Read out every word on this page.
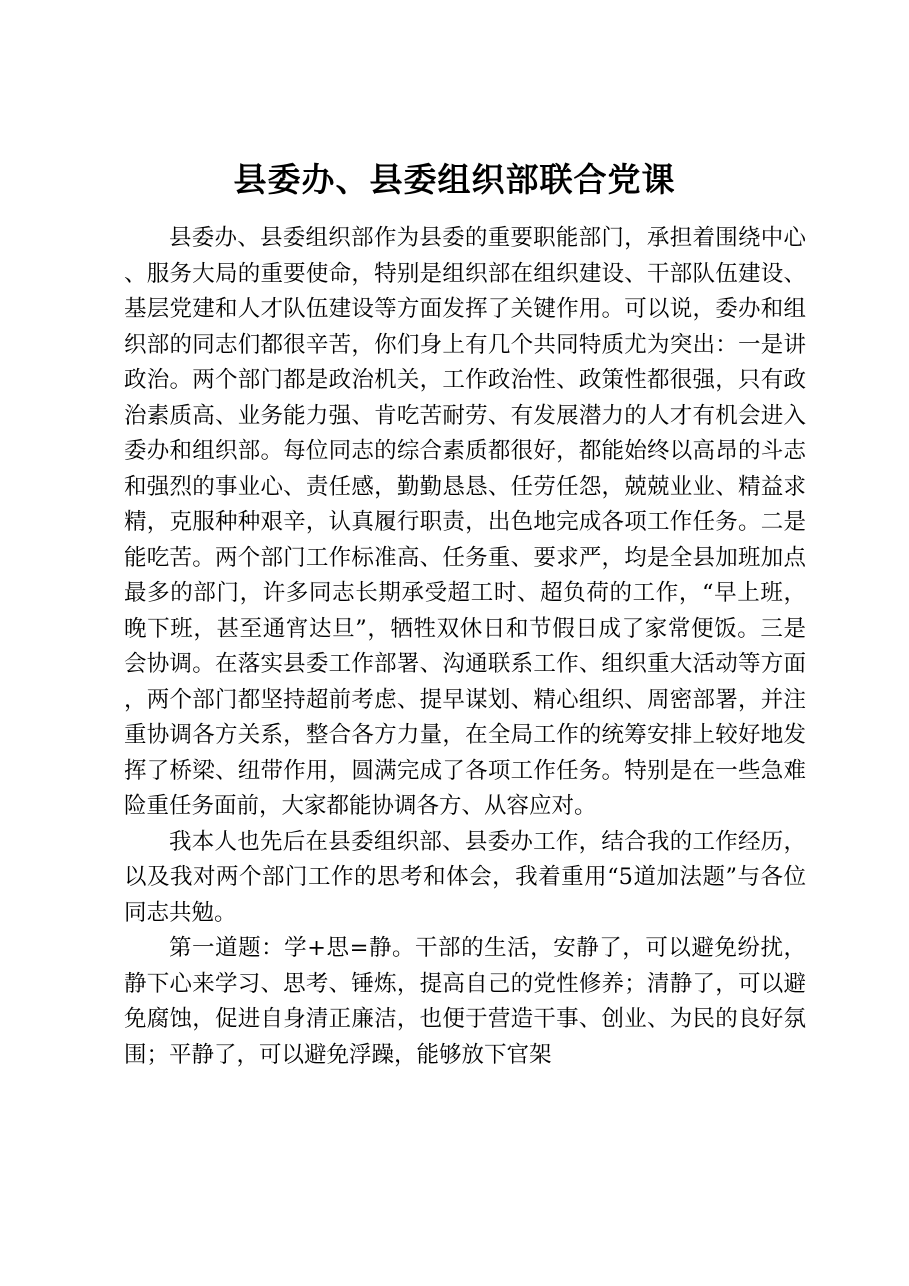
县委办、县委组织部联合党课

县委办、县委组织部作为县委的重要职能部门，承担着围绕中心、服务大局的重要使命，特别是组织部在组织建设、干部队伍建设、基层党建和人才队伍建设等方面发挥了关键作用。可以说，委办和组织部的同志们都很辛苦，你们身上有几个共同特质尤为突出：一是讲政治。两个部门都是政治机关，工作政治性、政策性都很强，只有政治素质高、业务能力强、肯吃苦耐劳、有发展潜力的人才有机会进入委办和组织部。每位同志的综合素质都很好，都能始终以高昂的斗志和强烈的事业心、责任感，勤勤恳恳、任劳任怨，兢兢业业、精益求精，克服种种艰辛，认真履行职责，出色地完成各项工作任务。二是能吃苦。两个部门工作标准高、任务重、要求严，均是全县加班加点最多的部门，许多同志长期承受超工时、超负荷的工作，“早上班，晚下班，甚至通宵达旦”，牺牲双休日和节假日成了家常便饭。三是会协调。在落实县委工作部署、沟通联系工作、组织重大活动等方面，两个部门都坚持超前考虑、提早谋划、精心组织、周密部署，并注重协调各方关系，整合各方力量，在全局工作的统筹安排上较好地发挥了桥梁、纽带作用，圆满完成了各项工作任务。特别是在一些急难险重任务面前，大家都能协调各方、从容应对。

我本人也先后在县委组织部、县委办工作，结合我的工作经历，以及我对两个部门工作的思考和体会，我着重用“5道加法题”与各位同志共勉。

第一道题：学+思=静。干部的生活，安静了，可以避免纷扰，静下心来学习、思考、锤炼，提高自己的党性修养；清静了，可以避免腐蚀，促进自身清正廉洁，也便于营造干事、创业、为民的良好氛围；平静了，可以避免浮躁，能够放下官架
